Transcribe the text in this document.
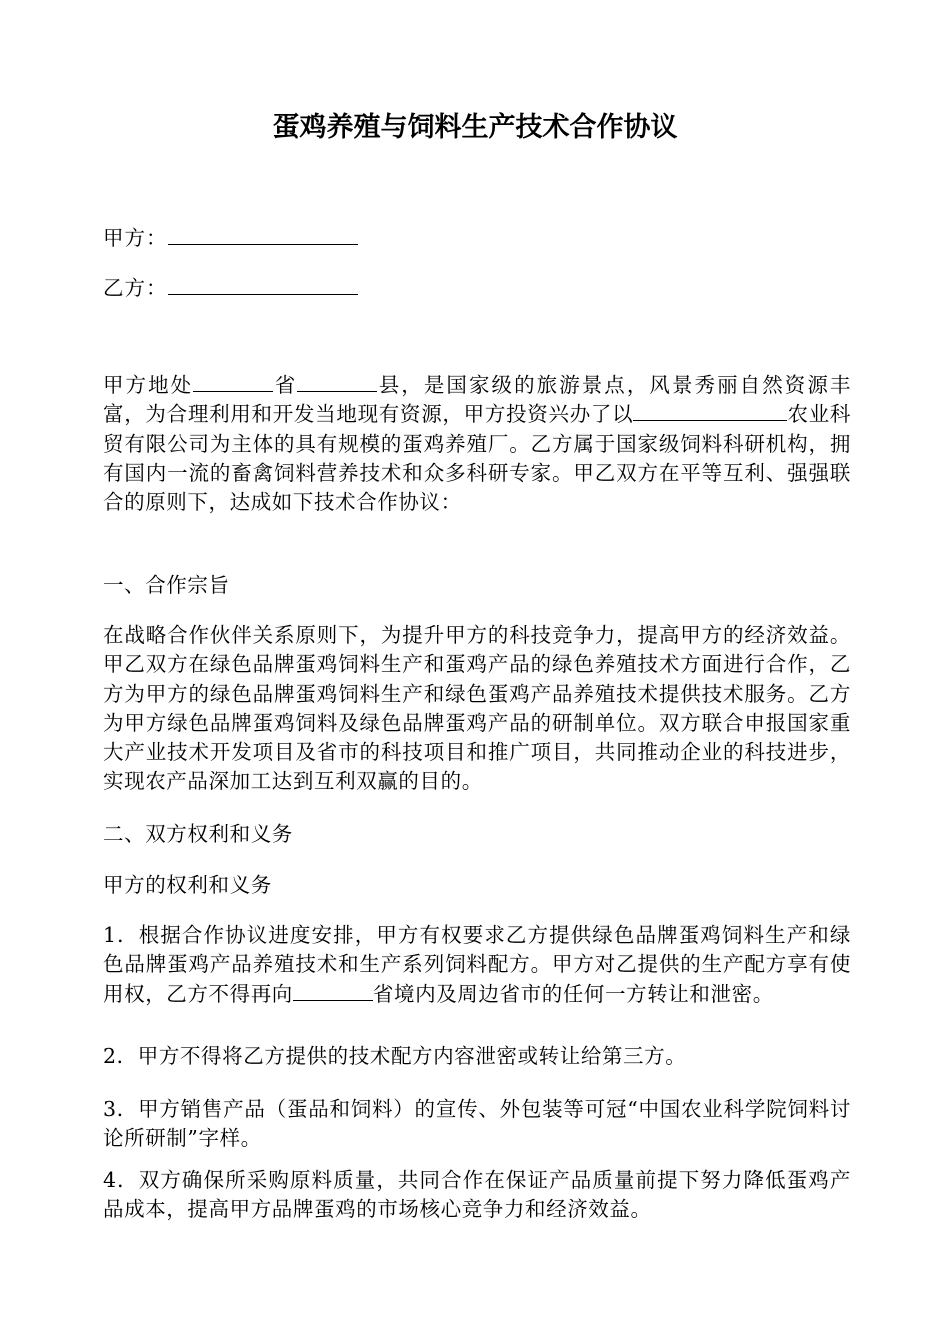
蛋鸡养殖与饲料生产技术合作协议
甲方：
乙方：

甲方地处	省	县，是国家级的旅游景点，风景秀丽自然资源丰富，为合理利用和开发当地现有资源，甲方投资兴办了以	农业科贸有限公司为主体的具有规模的蛋鸡养殖厂。乙方属于国家级饲料科研机构，拥有国内一流的畜禽饲料营养技术和众多科研专家。甲乙双方在平等互利、强强联合的原则下，达成如下技术合作协议：

一、合作宗旨

在战略合作伙伴关系原则下，为提升甲方的科技竞争力，提高甲方的经济效益。甲乙双方在绿色品牌蛋鸡饲料生产和蛋鸡产品的绿色养殖技术方面进行合作，乙方为甲方的绿色品牌蛋鸡饲料生产和绿色蛋鸡产品养殖技术提供技术服务。乙方为甲方绿色品牌蛋鸡饲料及绿色品牌蛋鸡产品的研制单位。双方联合申报国家重大产业技术开发项目及省市的科技项目和推广项目，共同推动企业的科技进步，实现农产品深加工达到互利双赢的目的。

二、双方权利和义务

甲方的权利和义务

1．根据合作协议进度安排，甲方有权要求乙方提供绿色品牌蛋鸡饲料生产和绿色品牌蛋鸡产品养殖技术和生产系列饲料配方。甲方对乙提供的生产配方享有使用权，乙方不得再向	省境内及周边省市的任何一方转让和泄密。

2．甲方不得将乙方提供的技术配方内容泄密或转让给第三方。

3．甲方销售产品（蛋品和饲料）的宣传、外包装等可冠“中国农业科学院饲料讨论所研制”字样。

4．双方确保所采购原料质量，共同合作在保证产品质量前提下努力降低蛋鸡产品成本，提高甲方品牌蛋鸡的市场核心竞争力和经济效益。
